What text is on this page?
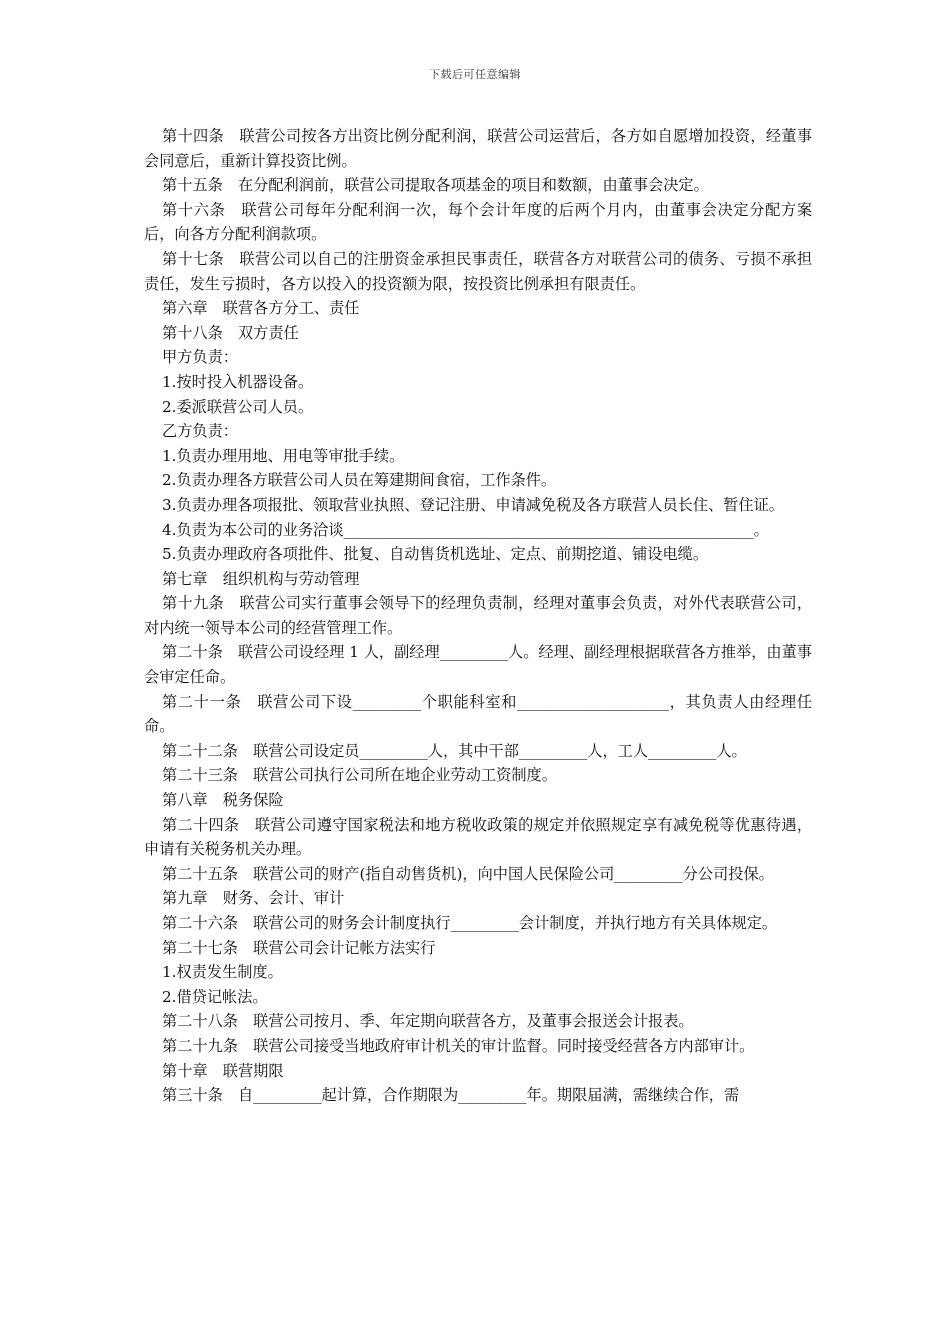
下载后可任意编辑

第十四条　联营公司按各方出资比例分配利润，联营公司运营后，各方如自愿增加投资，经董事会同意后，重新计算投资比例。

第十五条　在分配利润前，联营公司提取各项基金的项目和数额，由董事会决定。

第十六条　联营公司每年分配利润一次，每个会计年度的后两个月内，由董事会决定分配方案后，向各方分配利润款项。

第十七条　联营公司以自己的注册资金承担民事责任，联营各方对联营公司的债务、亏损不承担责任，发生亏损时，各方以投入的投资额为限，按投资比例承担有限责任。

第六章　联营各方分工、责任

第十八条　双方责任

甲方负责：

1.按时投入机器设备。

2.委派联营公司人员。

乙方负责：

1.负责办理用地、用电等审批手续。

2.负责办理各方联营公司人员在筹建期间食宿，工作条件。

3.负责办理各项报批、领取营业执照、登记注册、申请减免税及各方联营人员长住、暂住证。

4.负责为本公司的业务洽谈______________________________________________________。

5.负责办理政府各项批件、批复、自动售货机选址、定点、前期挖道、铺设电缆。

第七章　组织机构与劳动管理

第十九条　联营公司实行董事会领导下的经理负责制，经理对董事会负责，对外代表联营公司，对内统一领导本公司的经营管理工作。

第二十条　联营公司设经理 1 人，副经理_________人。经理、副经理根据联营各方推举，由董事会审定任命。

第二十一条　联营公司下设_________个职能科室和____________________，其负责人由经理任命。

第二十二条　联营公司设定员_________人，其中干部_________人，工人_________人。

第二十三条　联营公司执行公司所在地企业劳动工资制度。

第八章　税务保险

第二十四条　联营公司遵守国家税法和地方税收政策的规定并依照规定享有减免税等优惠待遇，申请有关税务机关办理。

第二十五条　联营公司的财产(指自动售货机)，向中国人民保险公司_________分公司投保。

第九章　财务、会计、审计

第二十六条　联营公司的财务会计制度执行_________会计制度，并执行地方有关具体规定。

第二十七条　联营公司会计记帐方法实行

1.权责发生制度。

2.借贷记帐法。

第二十八条　联营公司按月、季、年定期向联营各方，及董事会报送会计报表。

第二十九条　联营公司接受当地政府审计机关的审计监督。同时接受经营各方内部审计。

第十章　联营期限

第三十条　自_________起计算，合作期限为_________年。期限届满，需继续合作，需
